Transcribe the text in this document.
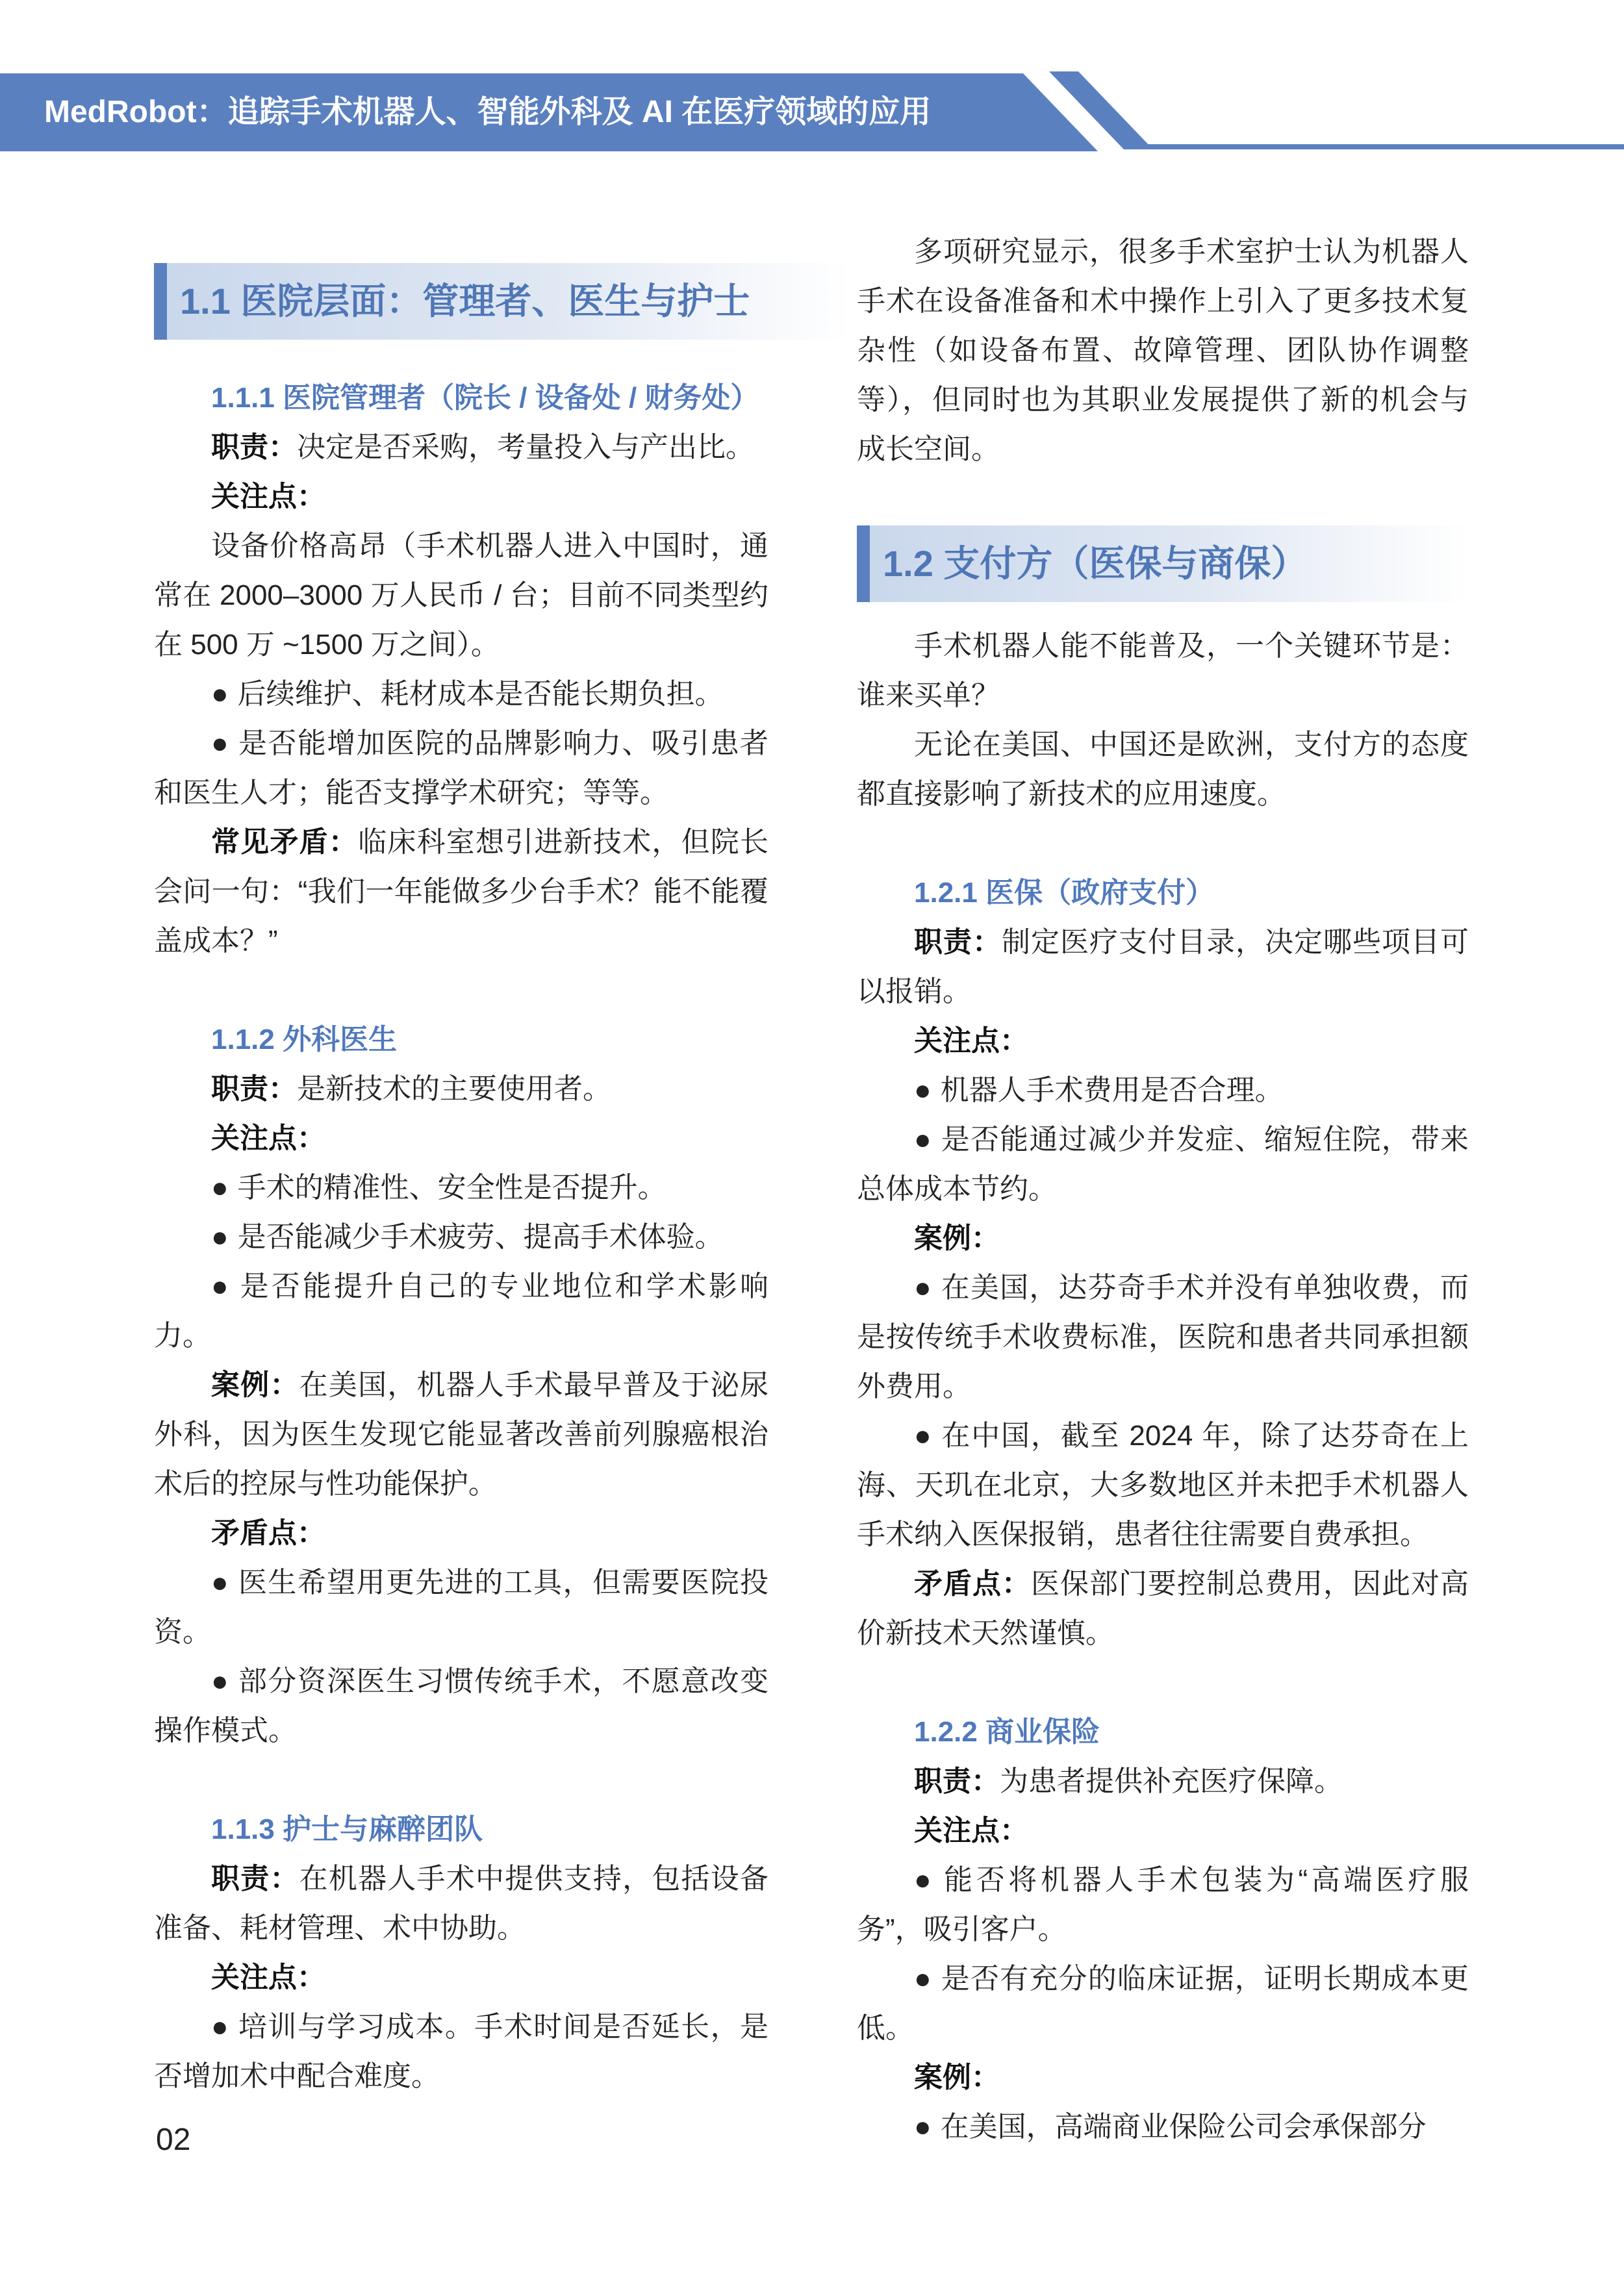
MedRobot：追踪手术机器人、智能外科及 AI 在医疗领域的应用
1.1 医院层面：管理者、医生与护士

1.1.1 医院管理者（院长 / 设备处 / 财务处）

职责：决定是否采购，考量投入与产出比。

关注点：

设备价格高昂（手术机器人进入中国时，通常在 2000–3000 万人民币 / 台；目前不同类型约在 500 万 ~1500 万之间）。

● 后续维护、耗材成本是否能长期负担。

● 是否能增加医院的品牌影响力、吸引患者和医生人才；能否支撑学术研究；等等。

常见矛盾：临床科室想引进新技术，但院长会问一句：“我们一年能做多少台手术？能不能覆盖成本？”

1.1.2 外科医生

职责：是新技术的主要使用者。

关注点：

● 手术的精准性、安全性是否提升。

● 是否能减少手术疲劳、提高手术体验。

● 是否能提升自己的专业地位和学术影响力。

案例：在美国，机器人手术最早普及于泌尿外科，因为医生发现它能显著改善前列腺癌根治术后的控尿与性功能保护。

矛盾点：

● 医生希望用更先进的工具，但需要医院投资。

● 部分资深医生习惯传统手术，不愿意改变操作模式。

1.1.3 护士与麻醉团队

职责：在机器人手术中提供支持，包括设备准备、耗材管理、术中协助。

关注点：

● 培训与学习成本。手术时间是否延长，是否增加术中配合难度。

02

多项研究显示，很多手术室护士认为机器人手术在设备准备和术中操作上引入了更多技术复杂性（如设备布置、故障管理、团队协作调整等），但同时也为其职业发展提供了新的机会与成长空间。

1.2 支付方（医保与商保）

手术机器人能不能普及，一个关键环节是：谁来买单？

无论在美国、中国还是欧洲，支付方的态度都直接影响了新技术的应用速度。

1.2.1 医保（政府支付）

职责：制定医疗支付目录，决定哪些项目可以报销。

关注点：

● 机器人手术费用是否合理。

● 是否能通过减少并发症、缩短住院，带来总体成本节约。

案例：

● 在美国，达芬奇手术并没有单独收费，而是按传统手术收费标准，医院和患者共同承担额外费用。

● 在中国，截至 2024 年，除了达芬奇在上海、天玑在北京，大多数地区并未把手术机器人手术纳入医保报销，患者往往需要自费承担。

矛盾点：医保部门要控制总费用，因此对高价新技术天然谨慎。

1.2.2 商业保险

职责：为患者提供补充医疗保障。

关注点：

● 能否将机器人手术包装为“高端医疗服务”，吸引客户。

● 是否有充分的临床证据，证明长期成本更低。

案例：

● 在美国，高端商业保险公司会承保部分
